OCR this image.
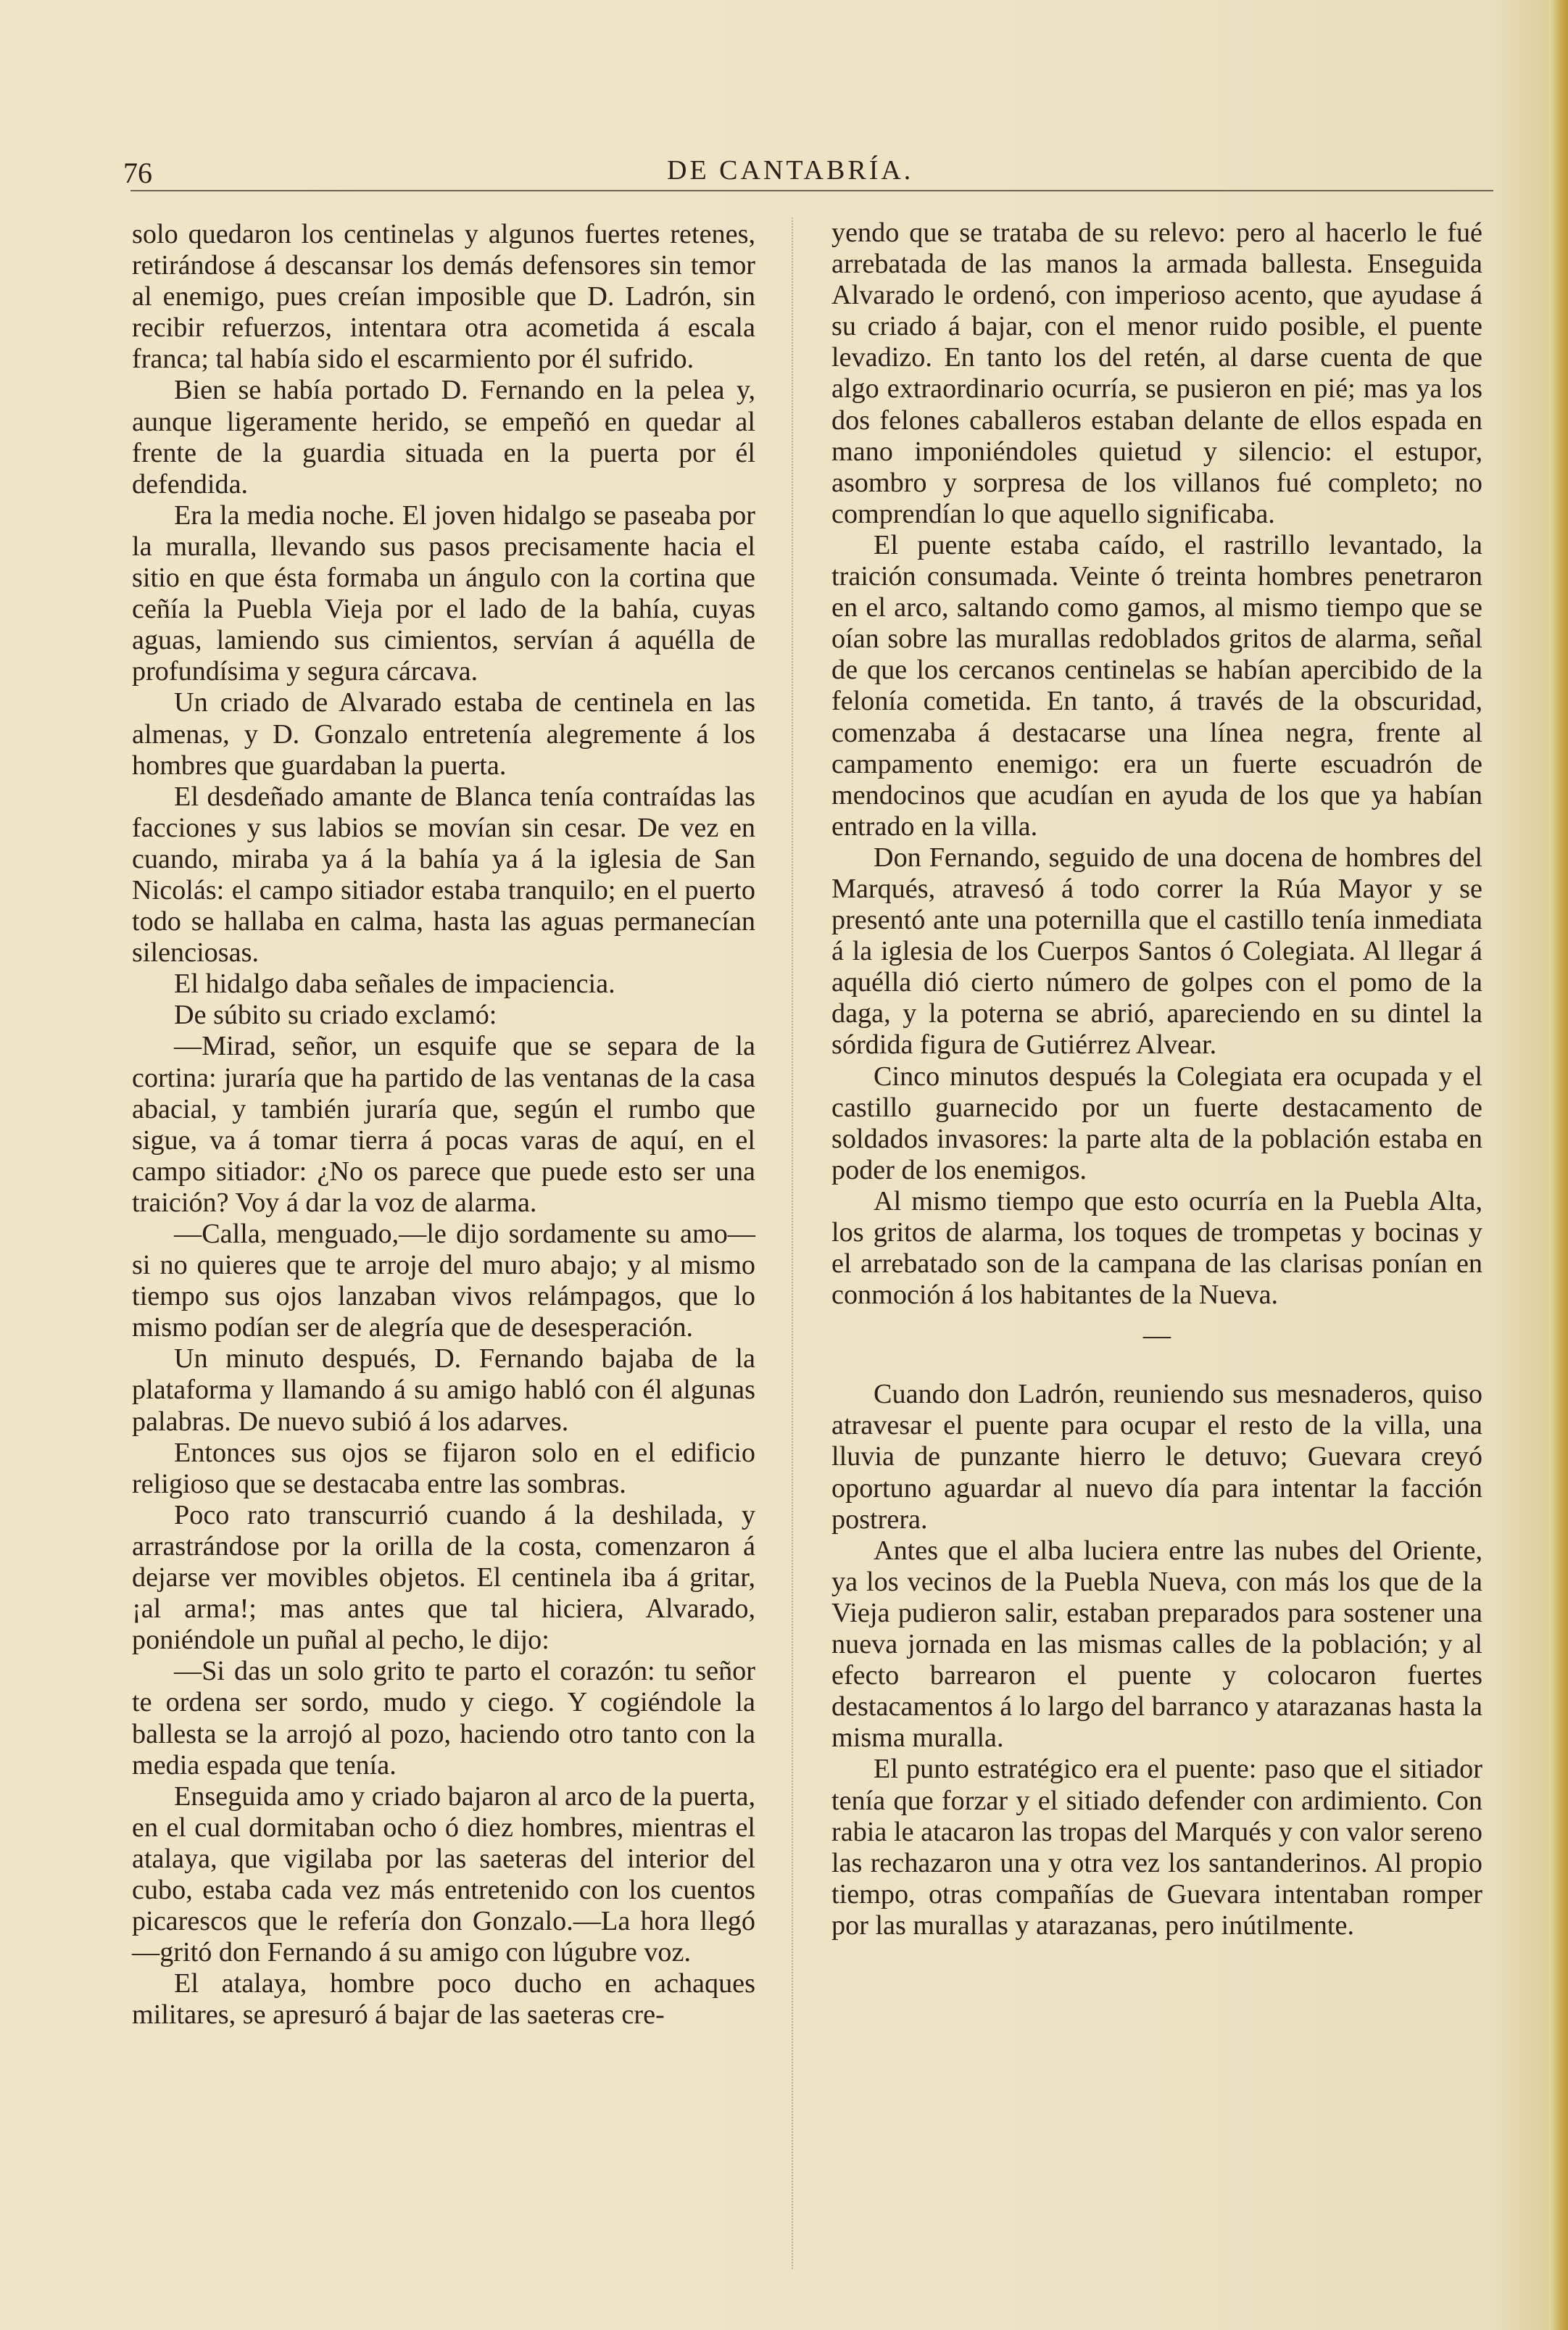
76	DE CANTABRÍA.

solo quedaron los centinelas y algunos fuertes retenes, retirándose á descansar los demás defensores sin temor al enemigo, pues creían imposible que D. Ladrón, sin recibir refuerzos, intentara otra acometida á escala franca; tal había sido el escarmiento por él sufrido.

Bien se había portado D. Fernando en la pelea y, aunque ligeramente herido, se empeñó en quedar al frente de la guardia situada en la puerta por él defendida.

Era la media noche. El joven hidalgo se paseaba por la muralla, llevando sus pasos precisamente hacia el sitio en que ésta formaba un ángulo con la cortina que ceñía la Puebla Vieja por el lado de la bahía, cuyas aguas, lamiendo sus cimientos, servían á aquélla de profundísima y segura cárcava.

Un criado de Alvarado estaba de centinela en las almenas, y D. Gonzalo entretenía alegremente á los hombres que guardaban la puerta.

El desdeñado amante de Blanca tenía contraídas las facciones y sus labios se movían sin cesar. De vez en cuando, miraba ya á la bahía ya á la iglesia de San Nicolás: el campo sitiador estaba tranquilo; en el puerto todo se hallaba en calma, hasta las aguas permanecían silenciosas.

El hidalgo daba señales de impaciencia.

De súbito su criado exclamó:

—Mirad, señor, un esquife que se separa de la cortina: juraría que ha partido de las ventanas de la casa abacial, y también juraría que, según el rumbo que sigue, va á tomar tierra á pocas varas de aquí, en el campo sitiador: ¿No os parece que puede esto ser una traición? Voy á dar la voz de alarma.

—Calla, menguado,—le dijo sordamente su amo—si no quieres que te arroje del muro abajo; y al mismo tiempo sus ojos lanzaban vivos relámpagos, que lo mismo podían ser de alegría que de desesperación.

Un minuto después, D. Fernando bajaba de la plataforma y llamando á su amigo habló con él algunas palabras. De nuevo subió á los adarves.

Entonces sus ojos se fijaron solo en el edificio religioso que se destacaba entre las sombras.

Poco rato transcurrió cuando á la deshilada, y arrastrándose por la orilla de la costa, comenzaron á dejarse ver movibles objetos. El centinela iba á gritar, ¡al arma!; mas antes que tal hiciera, Alvarado, poniéndole un puñal al pecho, le dijo:

—Si das un solo grito te parto el corazón: tu señor te ordena ser sordo, mudo y ciego. Y cogiéndole la ballesta se la arrojó al pozo, haciendo otro tanto con la media espada que tenía.

Enseguida amo y criado bajaron al arco de la puerta, en el cual dormitaban ocho ó diez hombres, mientras el atalaya, que vigilaba por las saeteras del interior del cubo, estaba cada vez más entretenido con los cuentos picarescos que le refería don Gonzalo.—La hora llegó—gritó don Fernando á su amigo con lúgubre voz.

El atalaya, hombre poco ducho en achaques militares, se apresuró á bajar de las saeteras cre-

yendo que se trataba de su relevo: pero al hacerlo le fué arrebatada de las manos la armada ballesta. Enseguida Alvarado le ordenó, con imperioso acento, que ayudase á su criado á bajar, con el menor ruido posible, el puente levadizo. En tanto los del retén, al darse cuenta de que algo extraordinario ocurría, se pusieron en pié; mas ya los dos felones caballeros estaban delante de ellos espada en mano imponiéndoles quietud y silencio: el estupor, asombro y sorpresa de los villanos fué completo; no comprendían lo que aquello significaba.

El puente estaba caído, el rastrillo levantado, la traición consumada. Veinte ó treinta hombres penetraron en el arco, saltando como gamos, al mismo tiempo que se oían sobre las murallas redoblados gritos de alarma, señal de que los cercanos centinelas se habían apercibido de la felonía cometida. En tanto, á través de la obscuridad, comenzaba á destacarse una línea negra, frente al campamento enemigo: era un fuerte escuadrón de mendocinos que acudían en ayuda de los que ya habían entrado en la villa.

Don Fernando, seguido de una docena de hombres del Marqués, atravesó á todo correr la Rúa Mayor y se presentó ante una poternilla que el castillo tenía inmediata á la iglesia de los Cuerpos Santos ó Colegiata. Al llegar á aquélla dió cierto número de golpes con el pomo de la daga, y la poterna se abrió, apareciendo en su dintel la sórdida figura de Gutiérrez Alvear.

Cinco minutos después la Colegiata era ocupada y el castillo guarnecido por un fuerte destacamento de soldados invasores: la parte alta de la población estaba en poder de los enemigos.

Al mismo tiempo que esto ocurría en la Puebla Alta, los gritos de alarma, los toques de trompetas y bocinas y el arrebatado son de la campana de las clarisas ponían en conmoción á los habitantes de la Nueva.

—

Cuando don Ladrón, reuniendo sus mesnaderos, quiso atravesar el puente para ocupar el resto de la villa, una lluvia de punzante hierro le detuvo; Guevara creyó oportuno aguardar al nuevo día para intentar la facción postrera.

Antes que el alba luciera entre las nubes del Oriente, ya los vecinos de la Puebla Nueva, con más los que de la Vieja pudieron salir, estaban preparados para sostener una nueva jornada en las mismas calles de la población; y al efecto barrearon el puente y colocaron fuertes destacamentos á lo largo del barranco y atarazanas hasta la misma muralla.

El punto estratégico era el puente: paso que el sitiador tenía que forzar y el sitiado defender con ardimiento. Con rabia le atacaron las tropas del Marqués y con valor sereno las rechazaron una y otra vez los santanderinos. Al propio tiempo, otras compañías de Guevara intentaban romper por las murallas y atarazanas, pero inútilmente.
